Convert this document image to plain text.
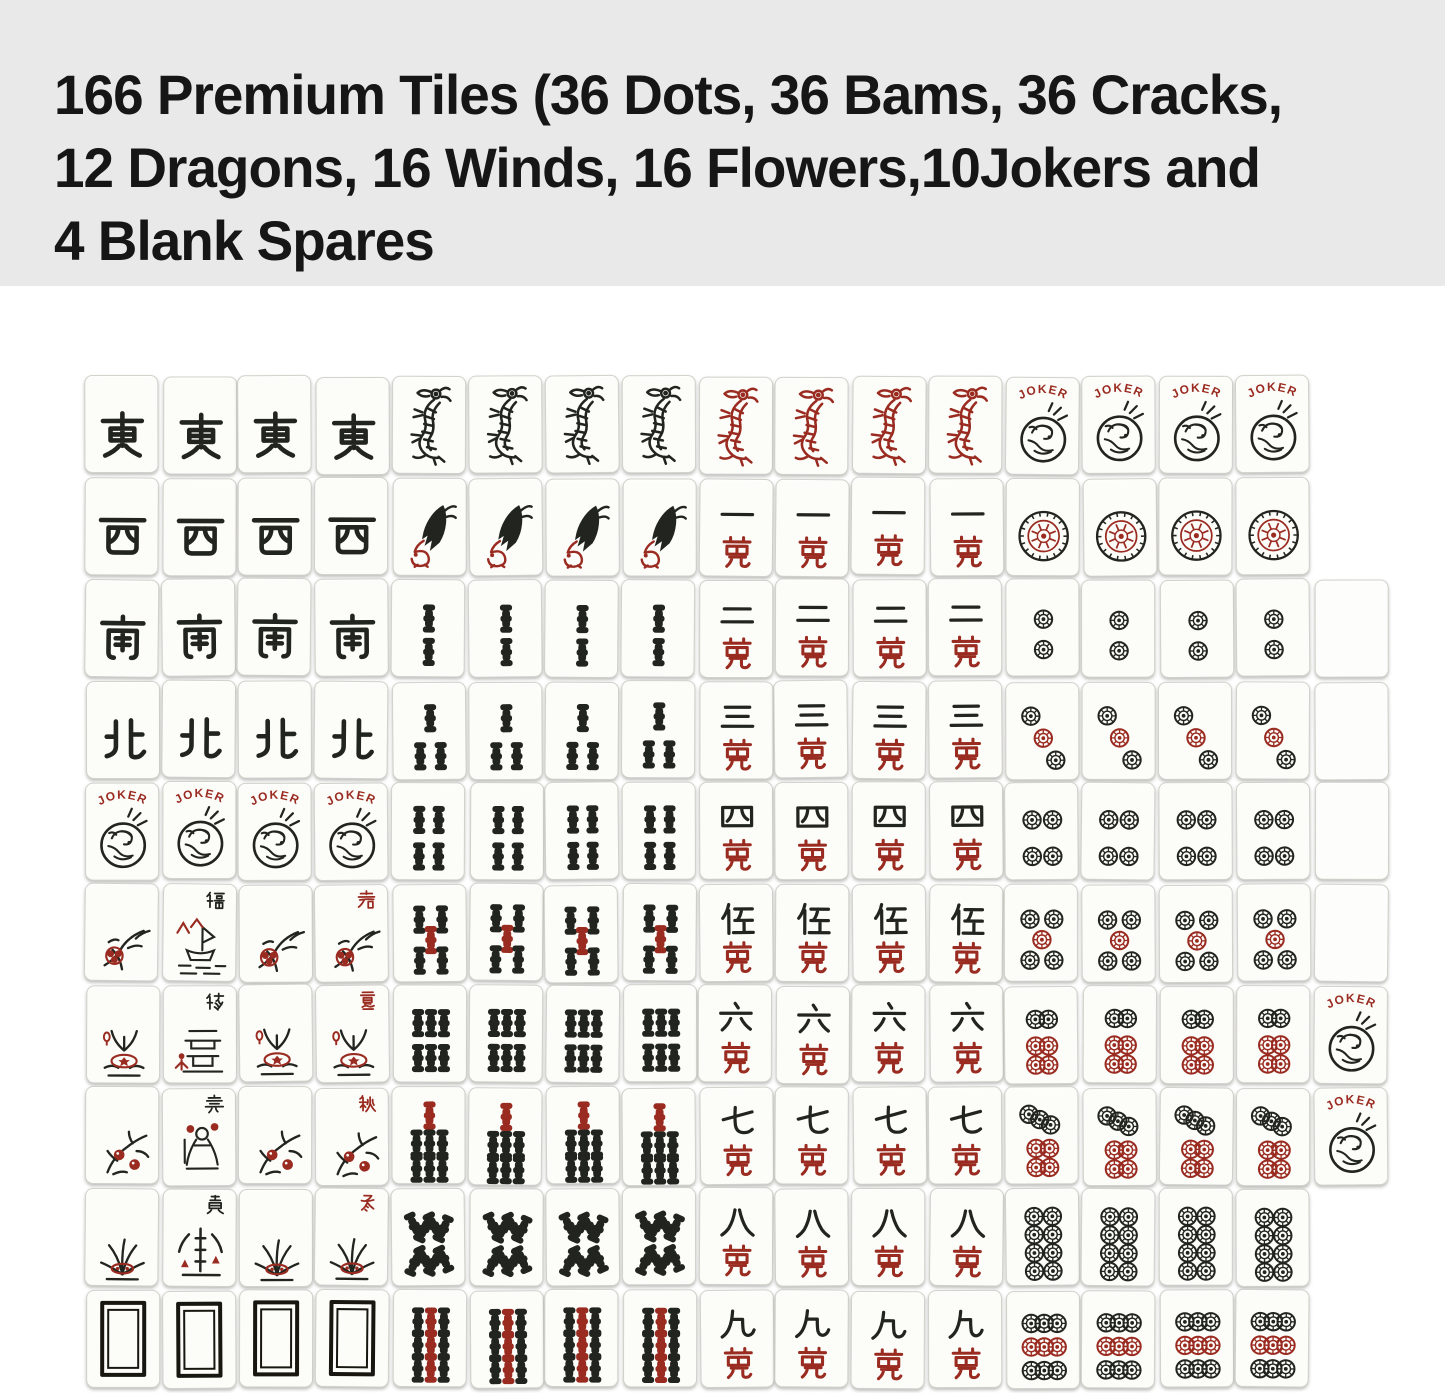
166 Premium Tiles (36 Dots, 36 Bams, 36 Cracks,
12 Dragons, 16 Winds, 16 Flowers,10Jokers and
4 Blank Spares
JOKER JOKER JOKER JOKER
JOKER JOKER JOKER JOKER
JOKER
JOKER
